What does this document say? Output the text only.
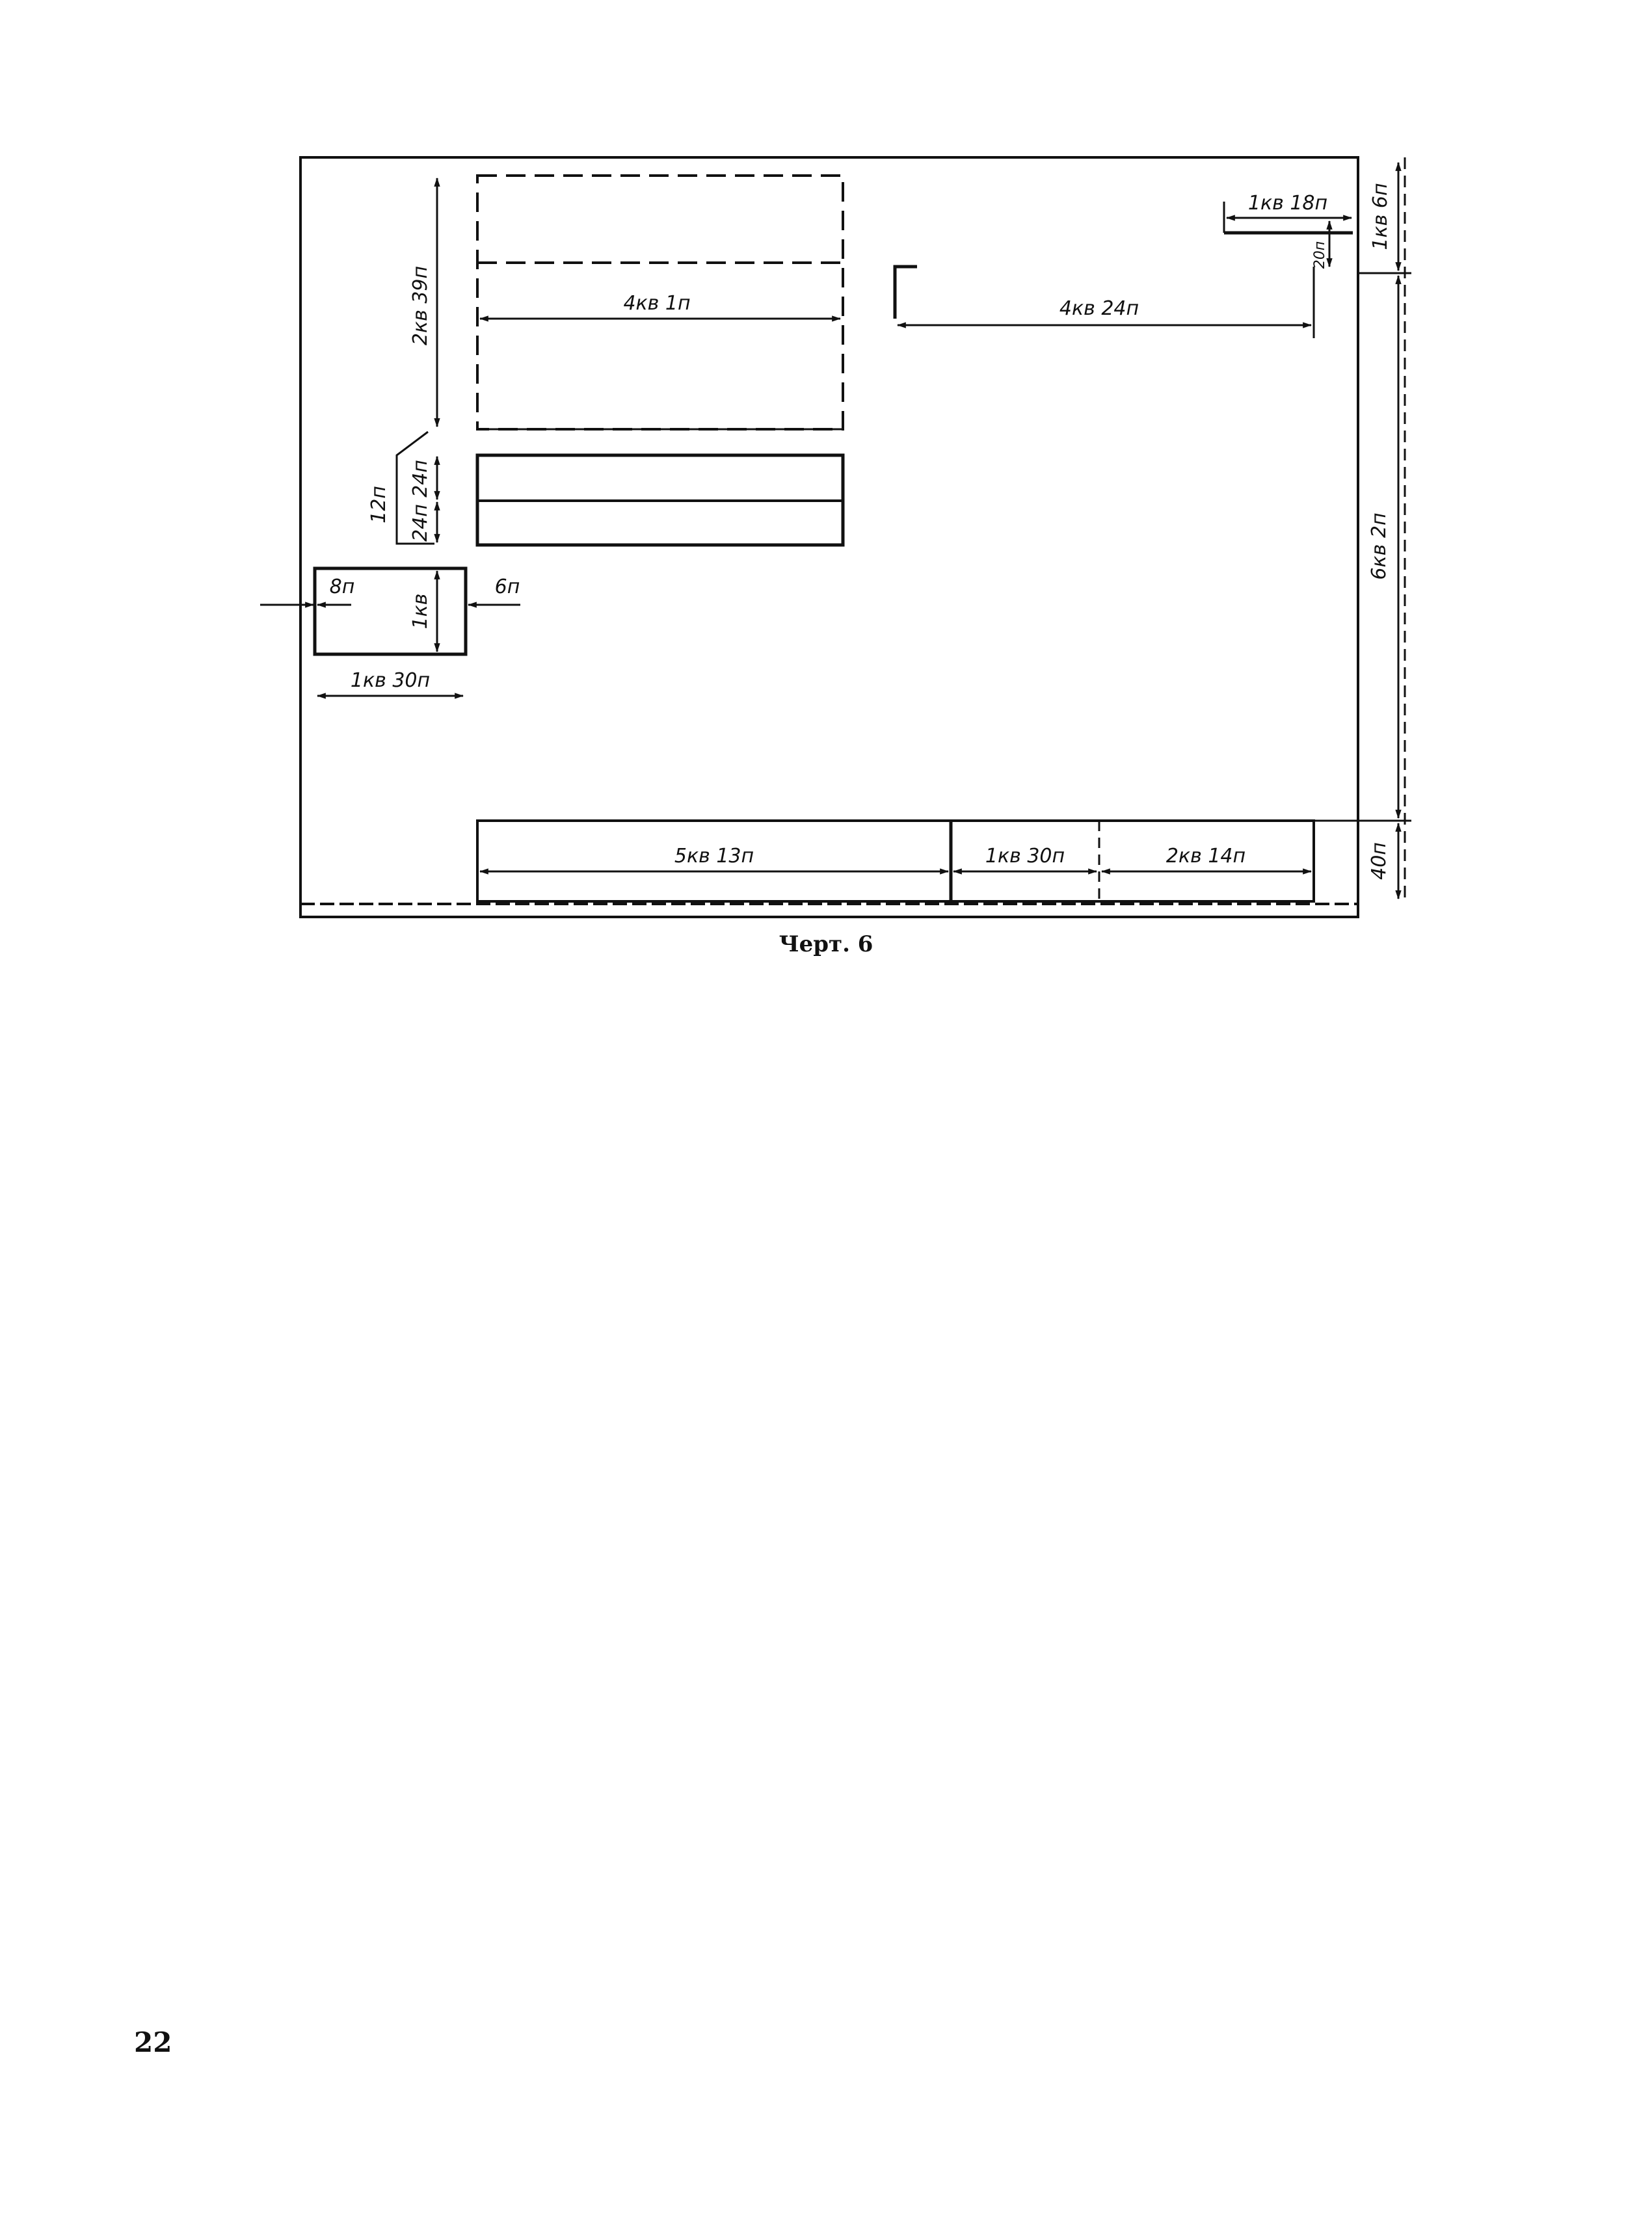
1кв 18п 1кв 6п
20п
4кв 24п
4кв 1п
2кв 39п
12п
24п
24п
8п
1кв
6п
1кв 30п
6кв 2п
5кв 13п	1кв 30п	2кв 14п	40п
Черт. 6
22
